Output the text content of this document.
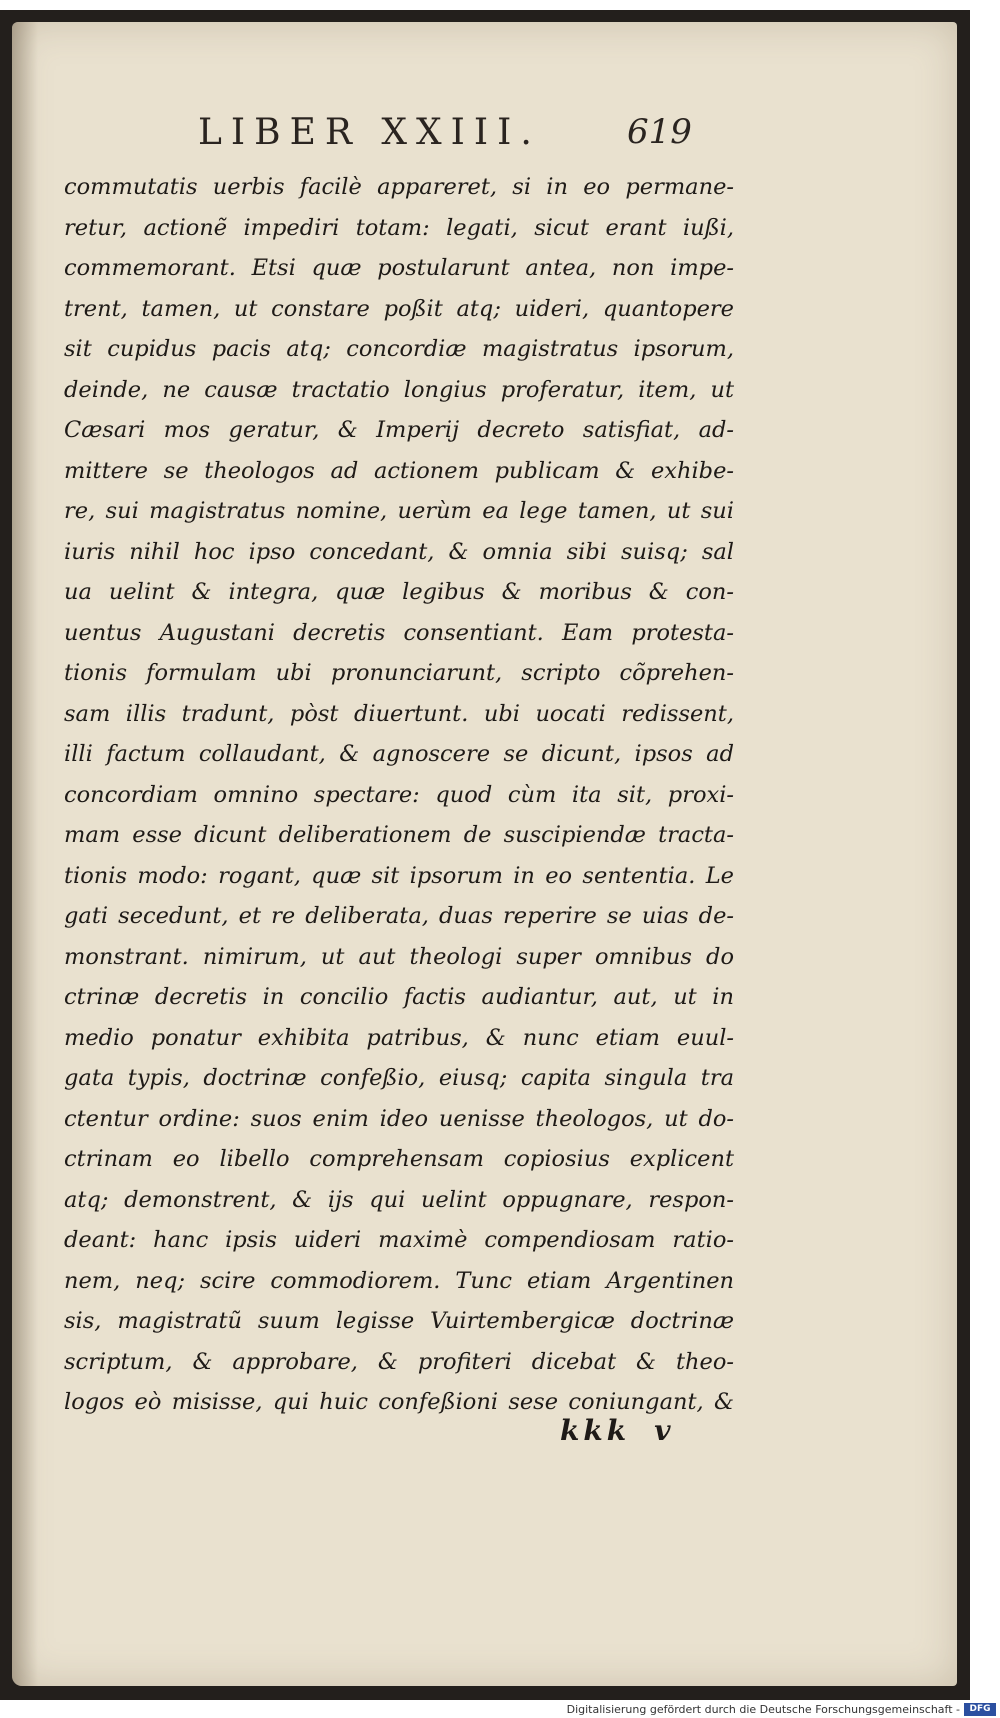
LIBER XXIII.	619
commutatis uerbis facilè appareret, si in eo permane-
retur, actionẽ impediri totam: legati, sicut erant iußi,
commemorant. Etsi quæ postularunt antea, non impe-
trent, tamen, ut constare poßit atq; uideri, quantopere
sit cupidus pacis atq; concordiæ magistratus ipsorum,
deinde, ne causæ tractatio longius proferatur, item, ut
Cæsari mos geratur, & Imperij decreto satisfiat, ad-
mittere se theologos ad actionem publicam & exhibe-
re, sui magistratus nomine, uerùm ea lege tamen, ut sui
iuris nihil hoc ipso concedant, & omnia sibi suisq; sal
ua uelint & integra, quæ legibus & moribus & con-
uentus Augustani decretis consentiant. Eam protesta-
tionis formulam ubi pronunciarunt, scripto cõprehen-
sam illis tradunt, pòst diuertunt. ubi uocati redissent,
illi factum collaudant, & agnoscere se dicunt, ipsos ad
concordiam omnino spectare: quod cùm ita sit, proxi-
mam esse dicunt deliberationem de suscipiendæ tracta-
tionis modo: rogant, quæ sit ipsorum in eo sententia. Le
gati secedunt, et re deliberata, duas reperire se uias de-
monstrant. nimirum, ut aut theologi super omnibus do
ctrinæ decretis in concilio factis audiantur, aut, ut in
medio ponatur exhibita patribus, & nunc etiam euul-
gata typis, doctrinæ confeßio, eiusq; capita singula tra
ctentur ordine: suos enim ideo uenisse theologos, ut do-
ctrinam eo libello comprehensam copiosius explicent
atq; demonstrent, & ijs qui uelint oppugnare, respon-
deant: hanc ipsis uideri maximè compendiosam ratio-
nem, neq; scire commodiorem. Tunc etiam Argentinen
sis, magistratũ suum legisse Vuirtembergicæ doctrinæ
scriptum, & approbare, & profiteri dicebat & theo-
logos eò misisse, qui huic confeßioni sese coniungant, &
kkk v
Digitalisierung gefördert durch die Deutsche Forschungsgemeinschaft -	DFG
